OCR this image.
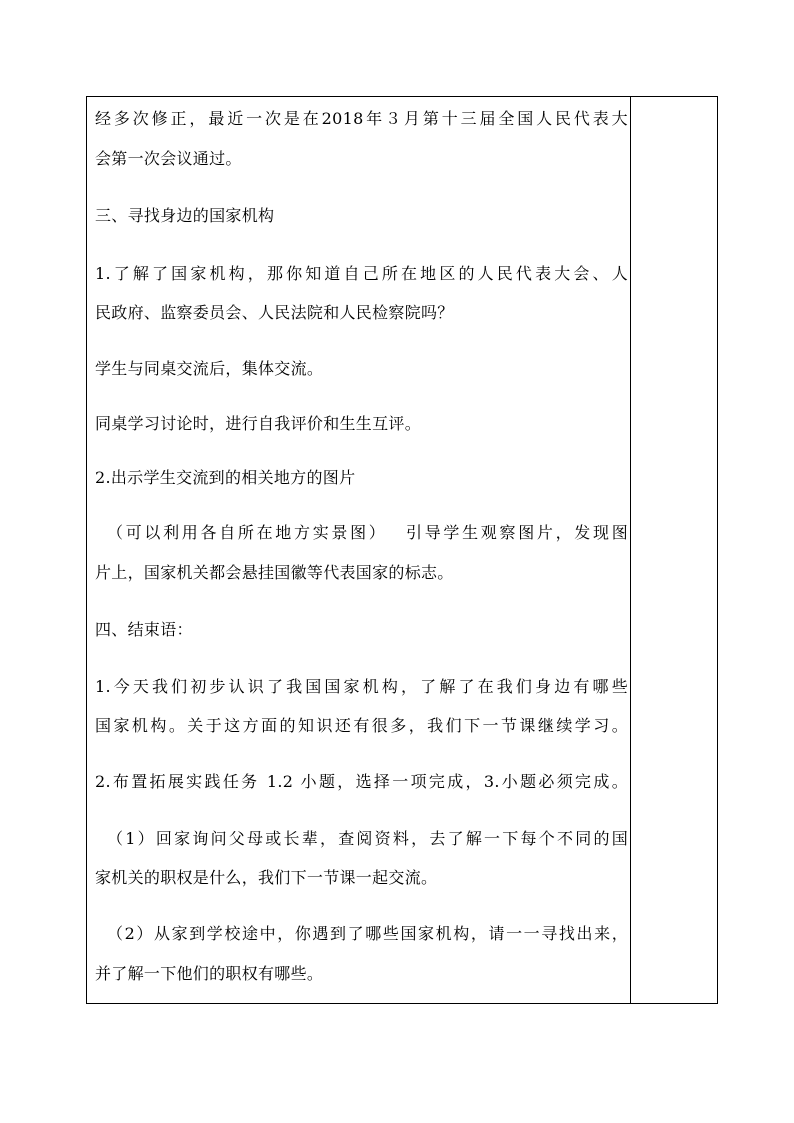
经多次修正，最近一次是在2018年３月第十三届全国人民代表大
会第一次会议通过。
三、寻找身边的国家机构
1.了解了国家机构，那你知道自己所在地区的人民代表大会、人
民政府、监察委员会、人民法院和人民检察院吗？
学生与同桌交流后，集体交流。
同桌学习讨论时，进行自我评价和生生互评。
2.出示学生交流到的相关地方的图片
（可以利用各自所在地方实景图）　 引导学生观察图片，发现图
片上，国家机关都会悬挂国徽等代表国家的标志。
四、结束语：
1.今天我们初步认识了我国国家机构，了解了在我们身边有哪些
国家机构。关于这方面的知识还有很多，我们下一节课继续学习。
2.布置拓展实践任务 1.2 小题，选择一项完成，3.小题必须完成。
（1）回家询问父母或长辈，查阅资料，去了解一下每个不同的国
家机关的职权是什么，我们下一节课一起交流。
（2）从家到学校途中，你遇到了哪些国家机构，请一一寻找出来，
并了解一下他们的职权有哪些。
